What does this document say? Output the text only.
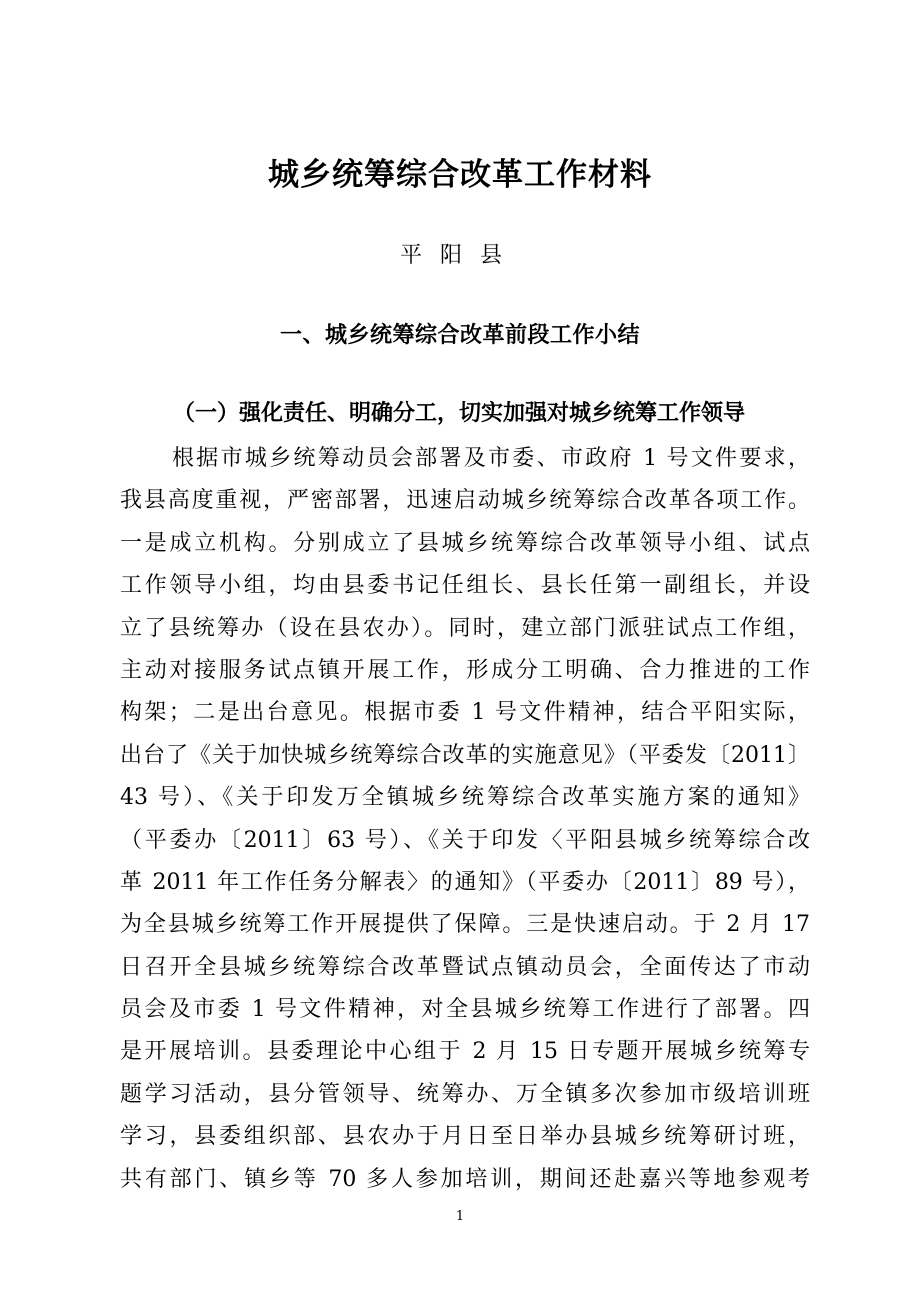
城乡统筹综合改革工作材料
平阳县
一、城乡统筹综合改革前段工作小结
（一）强化责任、明确分工，切实加强对城乡统筹工作领导
根据市城乡统筹动员会部署及市委、市政府 1 号文件要求，
我县高度重视，严密部署，迅速启动城乡统筹综合改革各项工作。
一是成立机构。分别成立了县城乡统筹综合改革领导小组、试点
工作领导小组，均由县委书记任组长、县长任第一副组长，并设
立了县统筹办（设在县农办）。同时，建立部门派驻试点工作组，
主动对接服务试点镇开展工作，形成分工明确、合力推进的工作
构架；二是出台意见。根据市委 1 号文件精神，结合平阳实际，
出台了《关于加快城乡统筹综合改革的实施意见》（平委发〔2011〕
43 号）、《关于印发万全镇城乡统筹综合改革实施方案的通知》
（平委办〔2011〕63 号）、《关于印发〈平阳县城乡统筹综合改
革 2011 年工作任务分解表〉的通知》（平委办〔2011〕89 号），
为全县城乡统筹工作开展提供了保障。三是快速启动。于 2 月 17
日召开全县城乡统筹综合改革暨试点镇动员会，全面传达了市动
员会及市委 1 号文件精神，对全县城乡统筹工作进行了部署。四
是开展培训。县委理论中心组于 2 月 15 日专题开展城乡统筹专
题学习活动，县分管领导、统筹办、万全镇多次参加市级培训班
学习，县委组织部、县农办于月日至日举办县城乡统筹研讨班，
共有部门、镇乡等 70 多人参加培训，期间还赴嘉兴等地参观考
1
